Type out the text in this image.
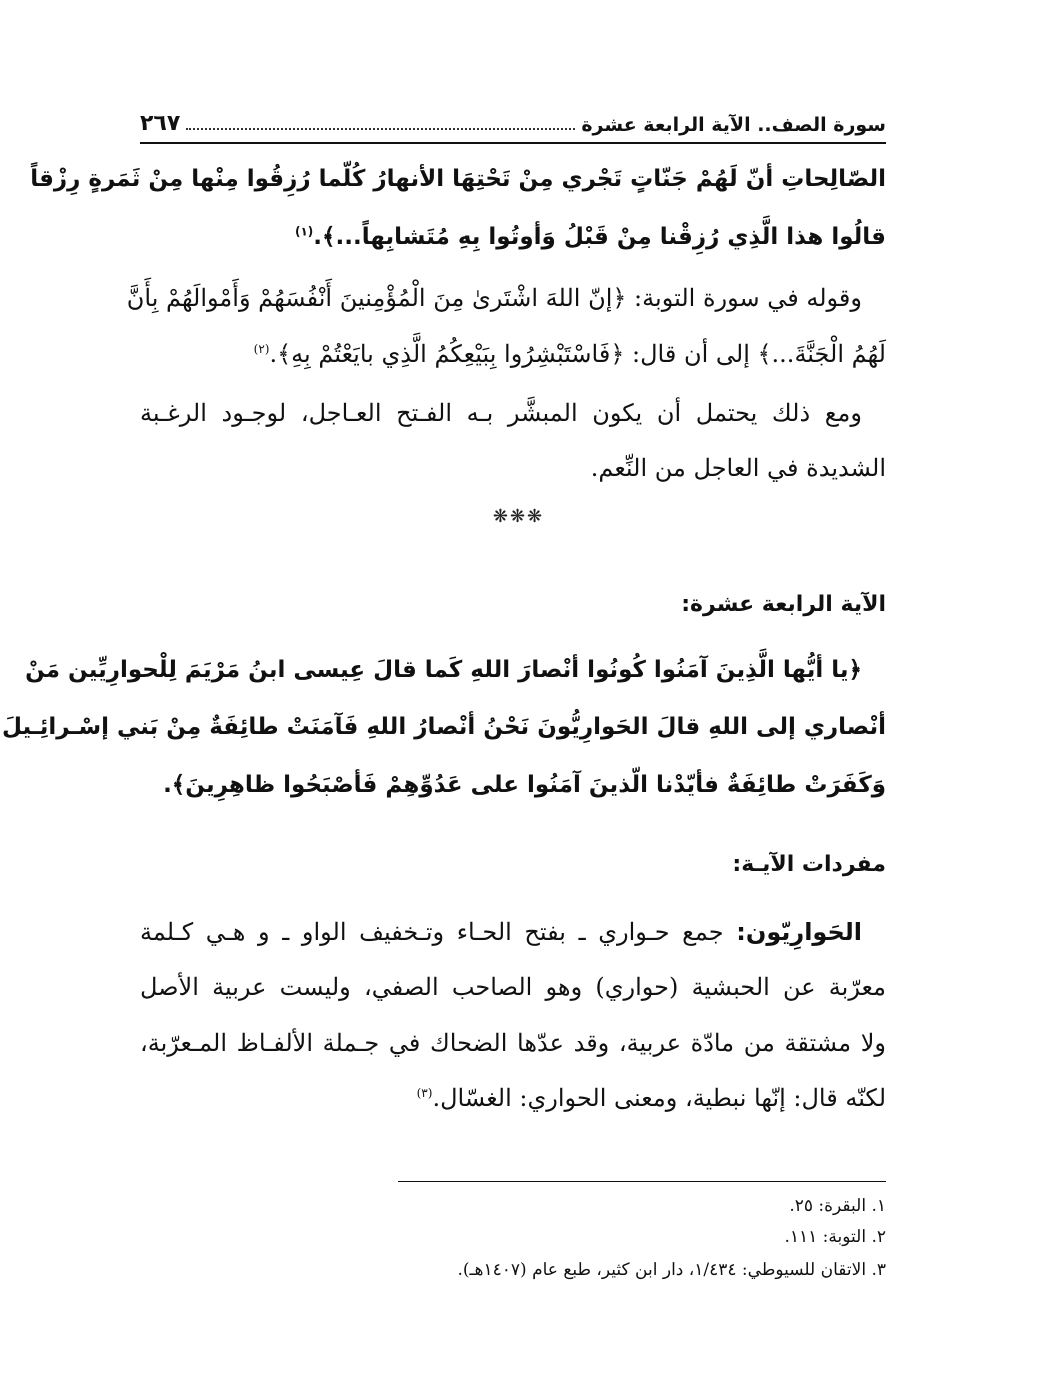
سورة الصف.. الآية الرابعة عشرة
٢٦٧
الصّالِحاتِ أنّ لَهُمْ جَنّاتٍ تَجْري مِنْ تَحْتِهَا الأنهارُ كُلّما رُزِقُوا مِنْها مِنْ ثَمَرةٍ رِزْقاً
قالُوا هذا الَّذِي رُزِقْنا مِنْ قَبْلُ وَأوتُوا بِهِ مُتَشابِهاً...﴾.$^{(١)}$
وقوله في سورة التوبة: ﴿إنّ اللهَ اشْتَرىٰ مِنَ الْمُؤْمِنينَ أَنْفُسَهُمْ وَأَمْوالَهُمْ بِأَنَّ
لَهُمُ الْجَنَّةَ...﴾ إلى أن قال: ﴿فَاسْتَبْشِرُوا بِبَيْعِكُمُ الَّذِي بايَعْتُمْ بِهِ﴾.$^{(٢)}$
ومع ذلك يحتمل أن يكون المبشَّر بـه الفـتح العـاجل، لوجـود الرغـبة
الشديدة في العاجل من النِّعم.
❋❋❋
الآية الرابعة عشرة:
﴿يا أيُّها الَّذِينَ آمَنُوا كُونُوا أنْصارَ اللهِ كَما قالَ عِيسى ابنُ مَرْيَمَ لِلْحوارِيِّين مَنْ
أنْصاري إلى اللهِ قالَ الحَوارِيُّونَ نَحْنُ أنْصارُ اللهِ فَآمَنَتْ طائِفَةٌ مِنْ بَني إسْـرائِـيلَ
وَكَفَرَتْ طائِفَةٌ فأيّدْنا الّذينَ آمَنُوا على عَدُوِّهِمْ فَأصْبَحُوا ظاهِرِينَ﴾.
مفردات الآيـة:
الحَوارِيّون: جمع حـواري ـ بفتح الحـاء وتـخفيف الواو ـ و هـي كـلمة
معرّبة عن الحبشية (حواري) وهو الصاحب الصفي، وليست عربية الأصل
ولا مشتقة من مادّة عربية، وقد عدّها الضحاك في جـملة الألفـاظ المـعرّبة،
لكنّه قال: إنّها نبطية، ومعنى الحواري: الغسّال.$^{(٣)}$
١. البقرة: ٢٥.
٢. التوبة: ١١١.
٣. الاتقان للسيوطي: ١/٤٣٤، دار ابن كثير، طبع عام (١٤٠٧هـ).
